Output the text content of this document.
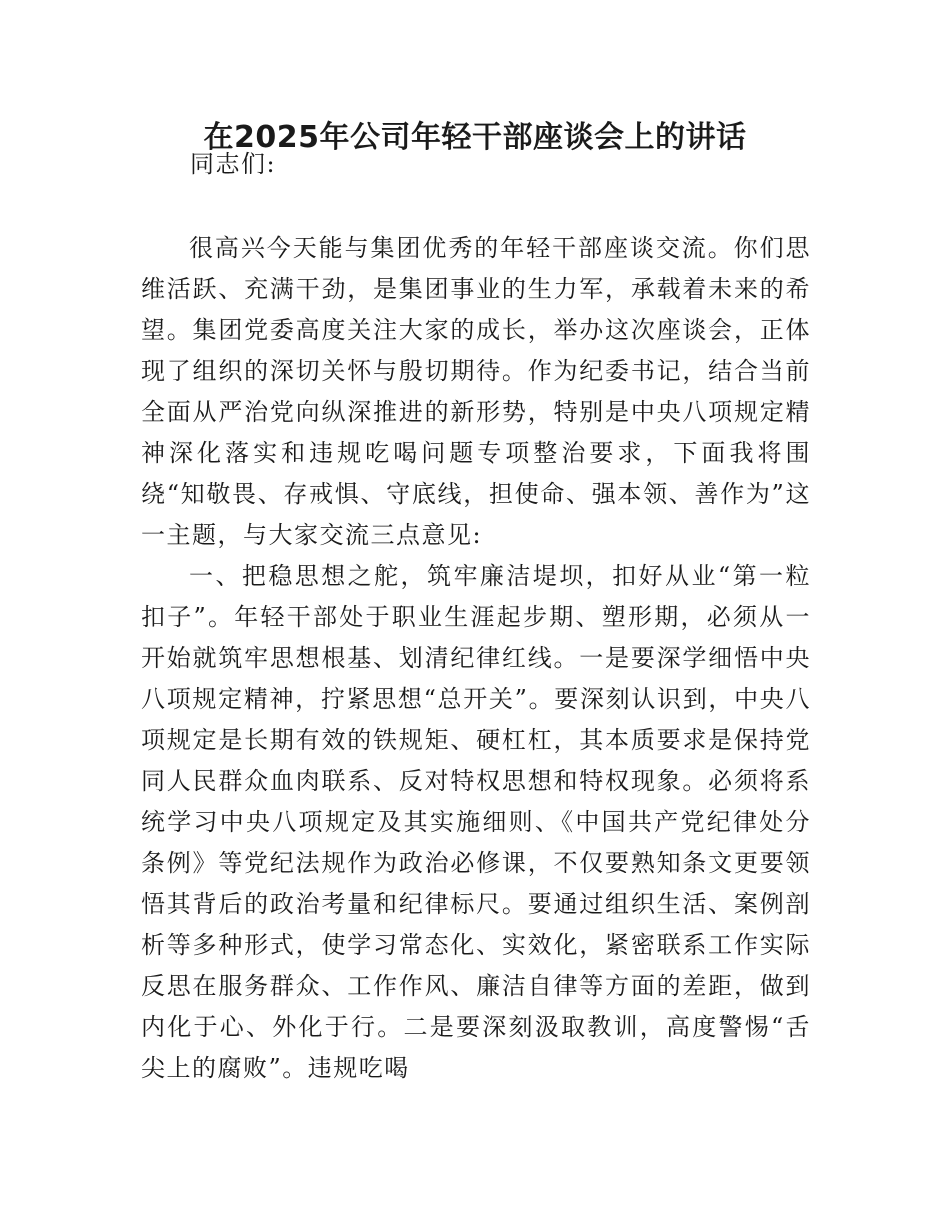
在2025年公司年轻干部座谈会上的讲话

同志们:

很高兴今天能与集团优秀的年轻干部座谈交流。你们思维活跃、充满干劲，是集团事业的生力军，承载着未来的希望。集团党委高度关注大家的成长，举办这次座谈会，正体现了组织的深切关怀与殷切期待。作为纪委书记，结合当前全面从严治党向纵深推进的新形势，特别是中央八项规定精神深化落实和违规吃喝问题专项整治要求，下面我将围绕“知敬畏、存戒惧、守底线，担使命、强本领、善作为”这一主题，与大家交流三点意见:

一、把稳思想之舵，筑牢廉洁堤坝，扣好从业“第一粒扣子”。年轻干部处于职业生涯起步期、塑形期，必须从一开始就筑牢思想根基、划清纪律红线。一是要深学细悟中央八项规定精神，拧紧思想“总开关”。要深刻认识到，中央八项规定是长期有效的铁规矩、硬杠杠，其本质要求是保持党同人民群众血肉联系、反对特权思想和特权现象。必须将系统学习中央八项规定及其实施细则、《中国共产党纪律处分条例》等党纪法规作为政治必修课，不仅要熟知条文更要领悟其背后的政治考量和纪律标尺。要通过组织生活、案例剖析等多种形式，使学习常态化、实效化，紧密联系工作实际反思在服务群众、工作作风、廉洁自律等方面的差距，做到内化于心、外化于行。二是要深刻汲取教训，高度警惕“舌尖上的腐败”。违规吃喝
